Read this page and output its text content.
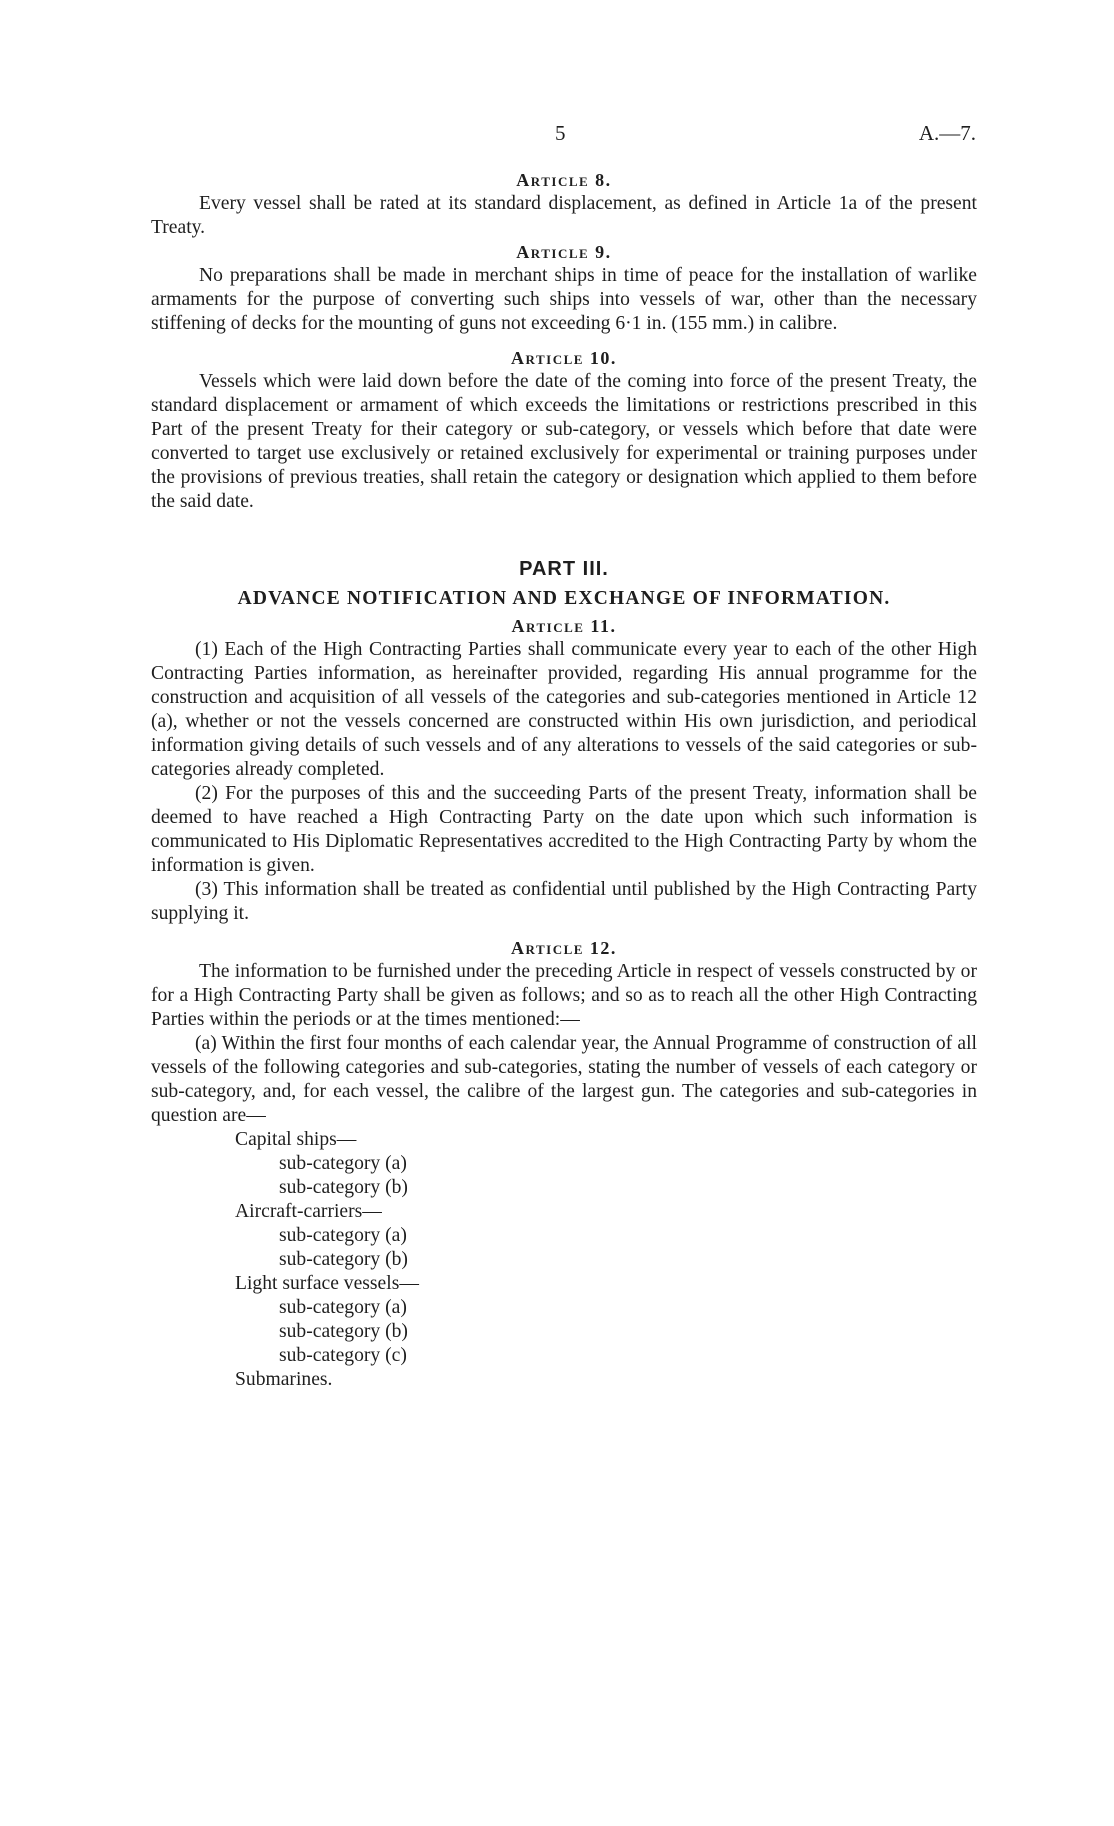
5	A.—7.
Article 8.

Every vessel shall be rated at its standard displacement, as defined in Article 1a of the present Treaty.

Article 9.

No preparations shall be made in merchant ships in time of peace for the installation of warlike armaments for the purpose of converting such ships into vessels of war, other than the necessary stiffening of decks for the mounting of guns not exceeding 6·1 in. (155 mm.) in calibre.

Article 10.

Vessels which were laid down before the date of the coming into force of the present Treaty, the standard displacement or armament of which exceeds the limitations or restrictions prescribed in this Part of the present Treaty for their category or sub-category, or vessels which before that date were converted to target use exclusively or retained exclusively for experimental or training purposes under the provisions of previous treaties, shall retain the category or designation which applied to them before the said date.

PART III.
ADVANCE NOTIFICATION AND EXCHANGE OF INFORMATION.
Article 11.

(1) Each of the High Contracting Parties shall communicate every year to each of the other High Contracting Parties information, as hereinafter provided, regarding His annual programme for the construction and acquisition of all vessels of the categories and sub-categories mentioned in Article 12 (a), whether or not the vessels concerned are constructed within His own jurisdiction, and periodical information giving details of such vessels and of any alterations to vessels of the said categories or sub-categories already completed.

(2) For the purposes of this and the succeeding Parts of the present Treaty, information shall be deemed to have reached a High Contracting Party on the date upon which such information is communicated to His Diplomatic Representatives accredited to the High Contracting Party by whom the information is given.

(3) This information shall be treated as confidential until published by the High Contracting Party supplying it.

Article 12.

The information to be furnished under the preceding Article in respect of vessels constructed by or for a High Contracting Party shall be given as follows; and so as to reach all the other High Contracting Parties within the periods or at the times mentioned:—

(a) Within the first four months of each calendar year, the Annual Programme of construction of all vessels of the following categories and sub-categories, stating the number of vessels of each category or sub-category, and, for each vessel, the calibre of the largest gun. The categories and sub-categories in question are—

Capital ships—
sub-category (a)
sub-category (b)
Aircraft-carriers—
sub-category (a)
sub-category (b)
Light surface vessels—
sub-category (a)
sub-category (b)
sub-category (c)
Submarines.
